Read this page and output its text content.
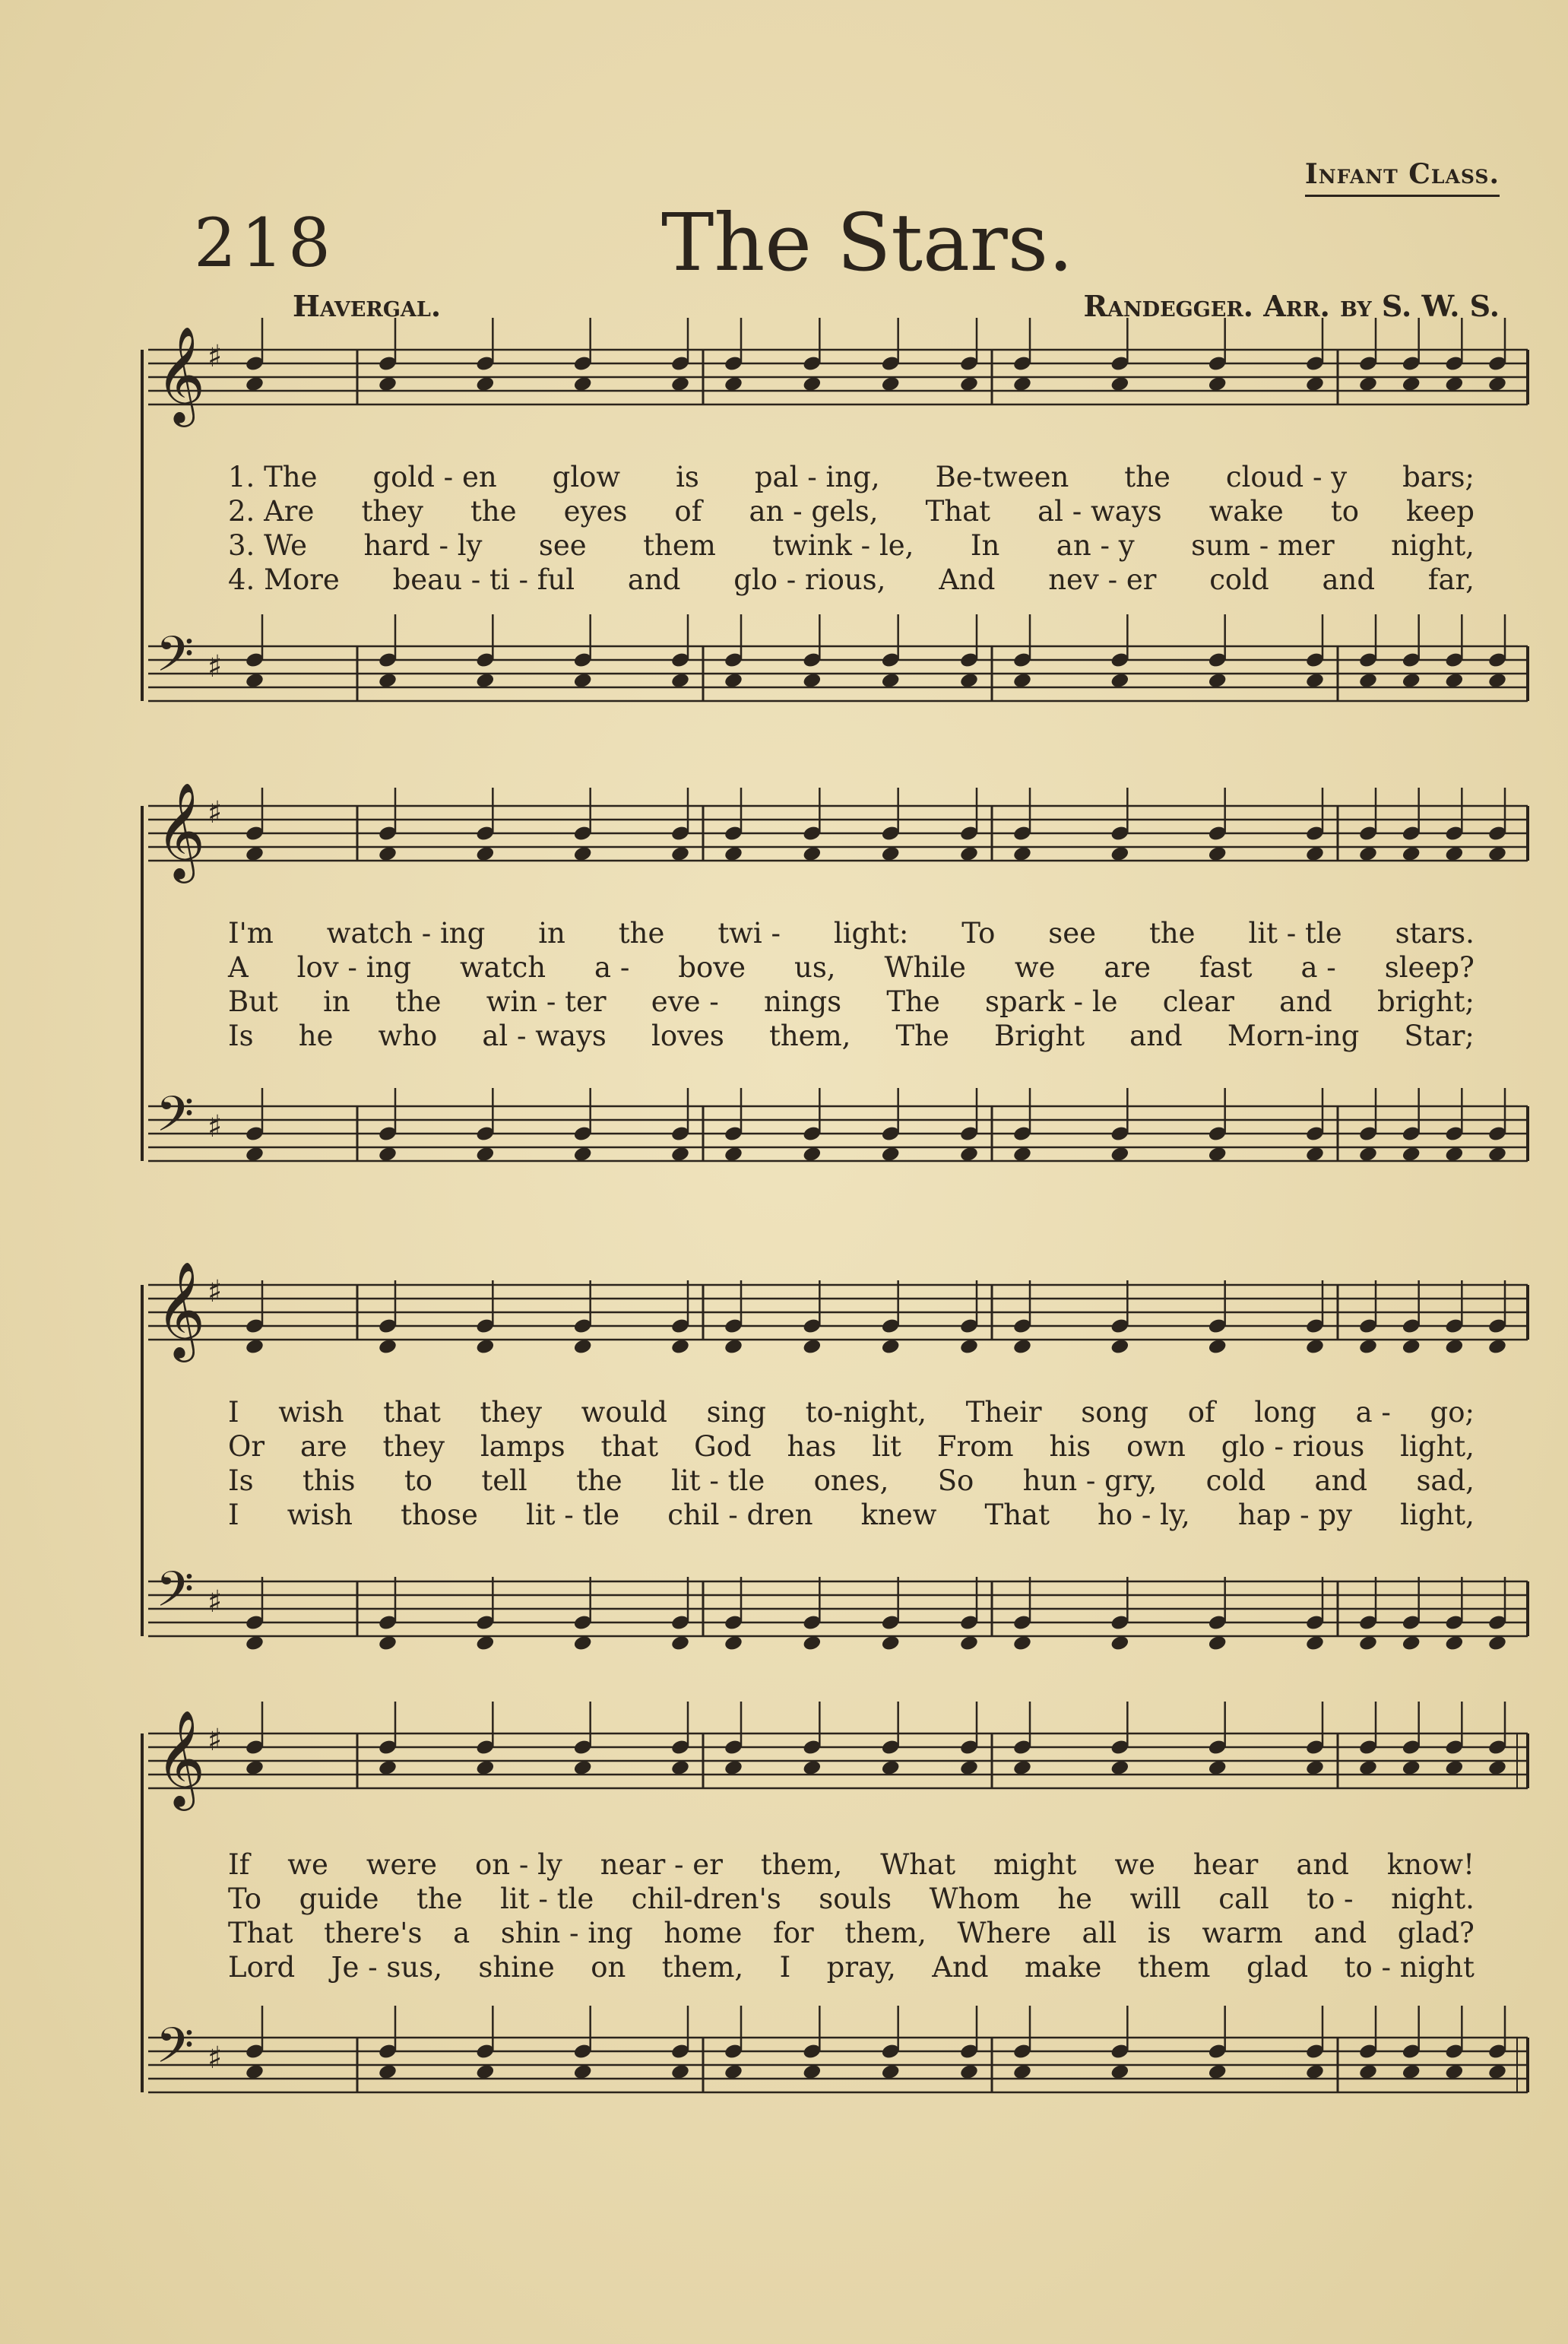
Infant Class.
218	The Stars.
Havergal.	Randegger. Arr. by S. W. S.
𝄞 ♯
𝄢 ♯
𝄞 ♯
𝄢 ♯
𝄞 ♯
𝄢 ♯
𝄞 ♯
𝄢 ♯
1. The gold - en glow is pal - ing, Be-tween the cloud - y bars;
2. Are they the eyes of an - gels, That al - ways wake to keep
3. We hard - ly see them twink - le, In an - y sum - mer night,
4. More beau - ti - ful and glo - rious, And nev - er cold and far,
I'm watch - ing in the twi - light: To see the lit - tle stars.
A lov - ing watch a - bove us, While we are fast a - sleep?
But in the win - ter eve - nings The spark - le clear and bright;
Is he who al - ways loves them, The Bright and Morn-ing Star;
I wish that they would sing to-night, Their song of long a - go;
Or are they lamps that God has lit From his own glo - rious light,
Is this to tell the lit - tle ones, So hun - gry, cold and sad,
I wish those lit - tle chil - dren knew That ho - ly, hap - py light,
If we were on - ly near - er them, What might we hear and know!
To guide the lit - tle chil-dren's souls Whom he will call to - night.
That there's a shin - ing home for them, Where all is warm and glad?
Lord Je - sus, shine on them, I pray, And make them glad to - night
